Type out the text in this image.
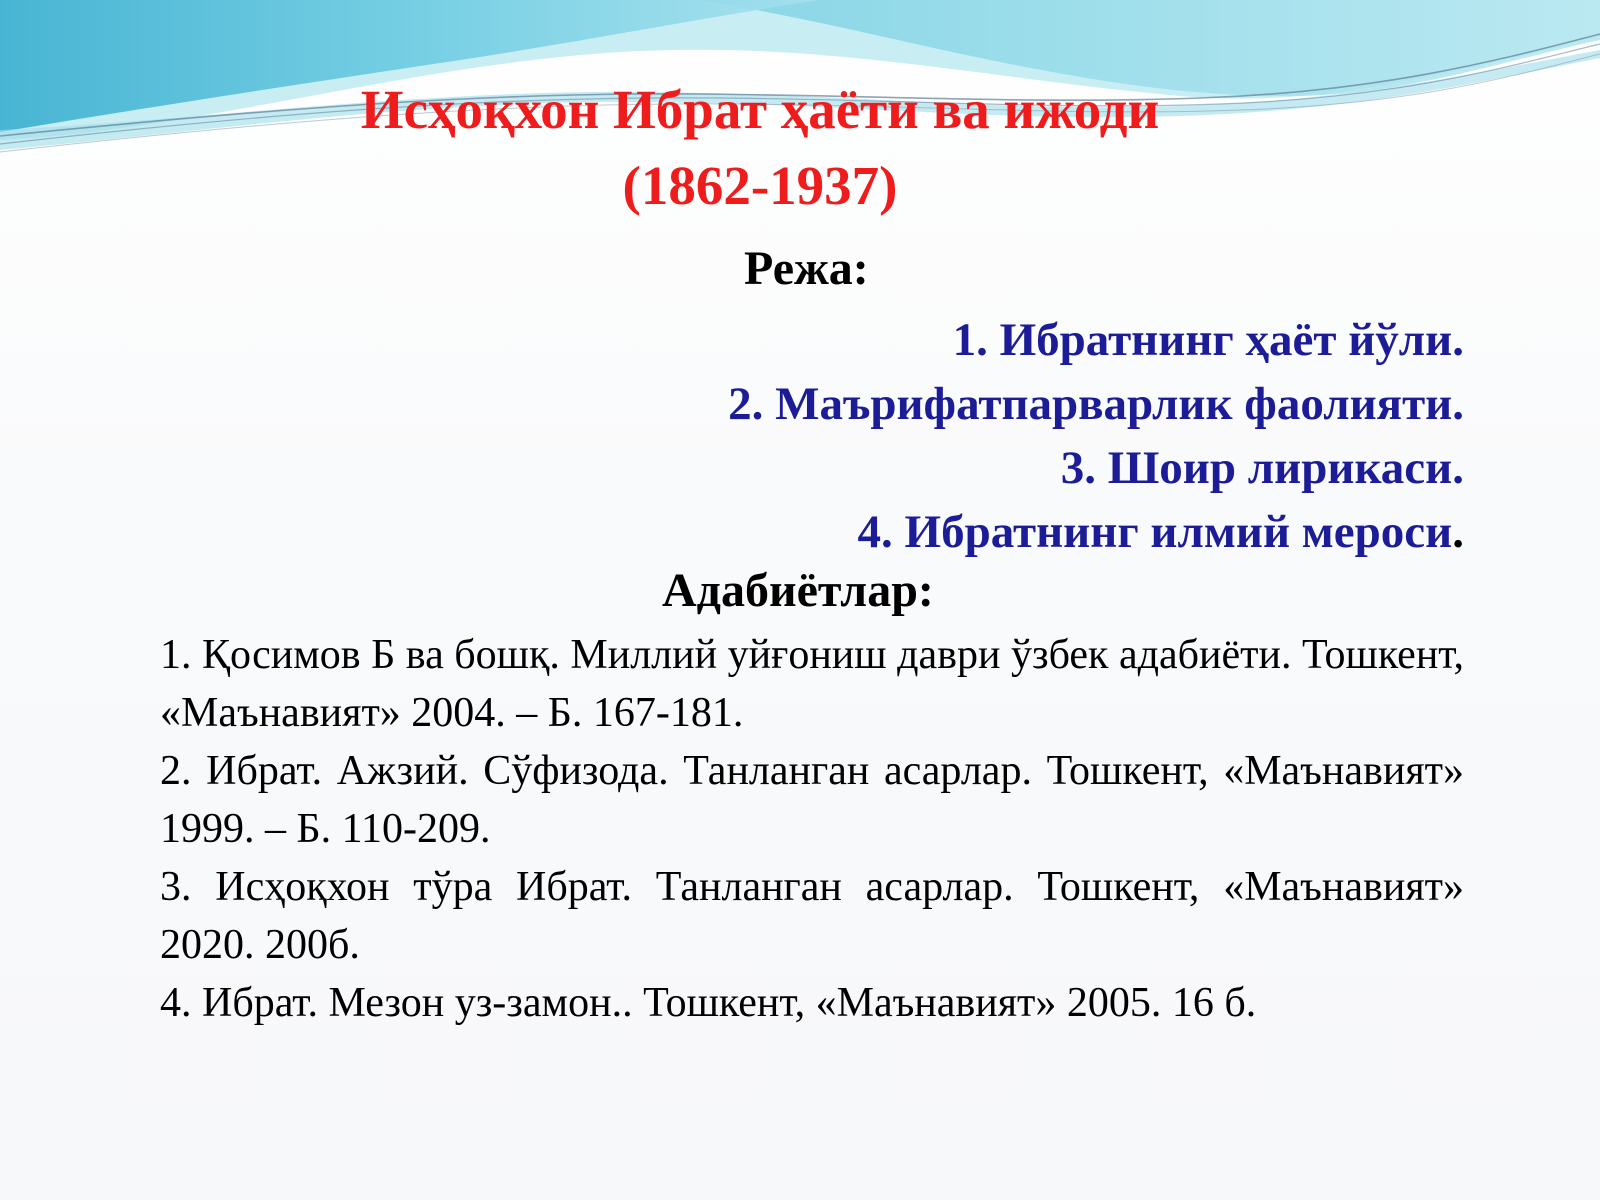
Исҳоқхон Ибрат ҳаёти ва ижоди
(1862-1937)
Режа:
1. Ибратнинг ҳаёт йўли.
2. Маърифатпарварлик фаолияти.
3. Шоир лирикаси.
4. Ибратнинг илмий мероси.
Адабиётлар:
1. Қосимов Б ва бошқ. Миллий уйғониш даври ўзбек адабиёти. Тошкент, «Маънавият» 2004. – Б. 167-181.
2. Ибрат. Ажзий. Сўфизода. Танланган асарлар. Тошкент, «Маънавият» 1999. – Б. 110-209.
3. Исҳоқхон тўра Ибрат. Танланган асарлар. Тошкент, «Маънавият» 2020. 200б.
4. Ибрат. Мезон уз-замон.. Тошкент, «Маънавият» 2005. 16 б.
